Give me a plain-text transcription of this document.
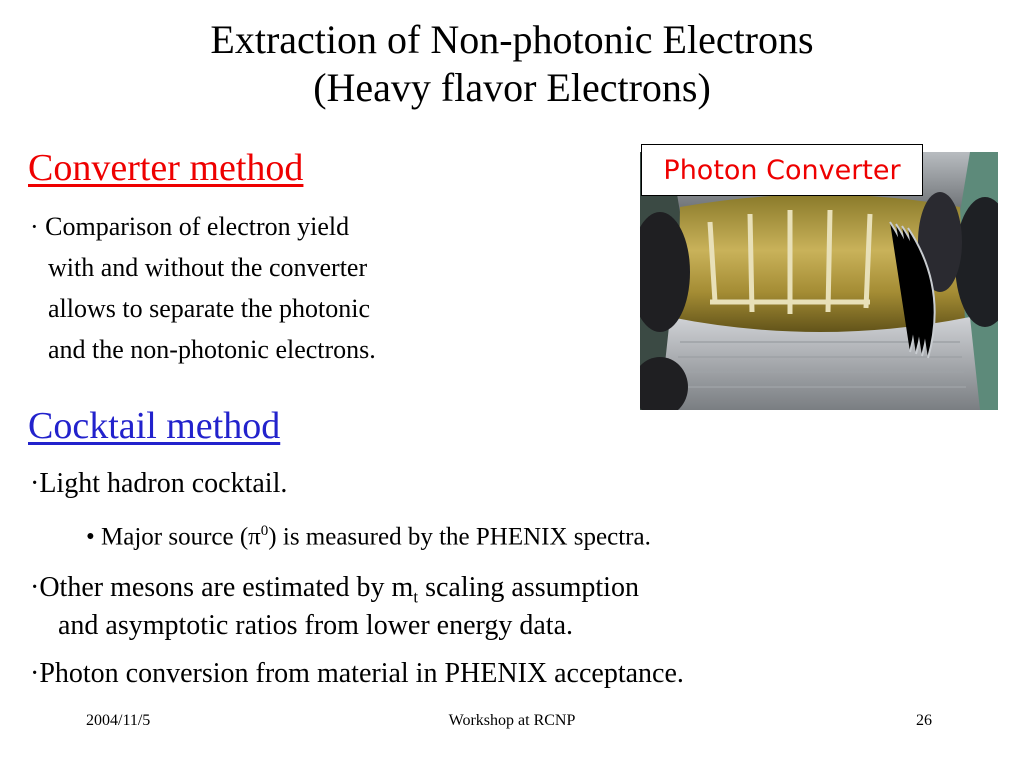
Extraction of Non-photonic Electrons
(Heavy flavor Electrons)
Converter method
· Comparison of electron yield
with and without the converter
allows to separate the photonic
and the non-photonic electrons.
Photon Converter
Cocktail method
·Light hadron cocktail.
• Major source $(\pi^0)$ is measured by the PHENIX spectra.
·Other mesons are estimated by $m_t$ scaling assumption
and asymptotic ratios from lower energy data.
·Photon conversion from material in PHENIX acceptance.
2004/11/5	Workshop at RCNP	26
